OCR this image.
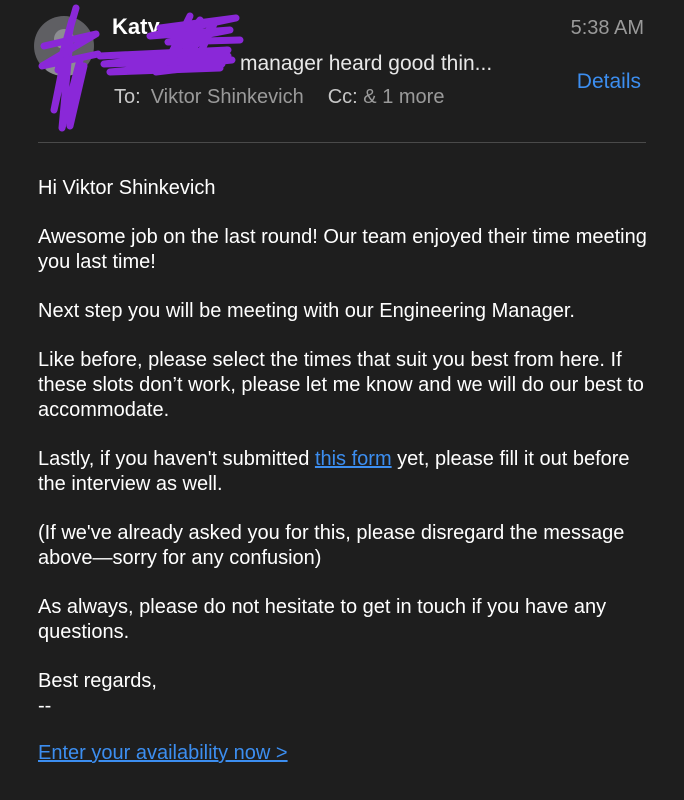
Katy
manager heard good thin...
To: Viktor Shinkevich Cc: & 1 more
5:38 AM
Details

Hi Viktor Shinkevich

Awesome job on the last round! Our team enjoyed their time meeting you last time!

Next step you will be meeting with our Engineering Manager.

Like before, please select the times that suit you best from here. If these slots don’t work, please let me know and we will do our best to accommodate.

Lastly, if you haven't submitted this form yet, please fill it out before the interview as well.

(If we've already asked you for this, please disregard the message above—sorry for any confusion)

As always, please do not hesitate to get in touch if you have any questions.

Best regards,
--

Enter your availability now >
